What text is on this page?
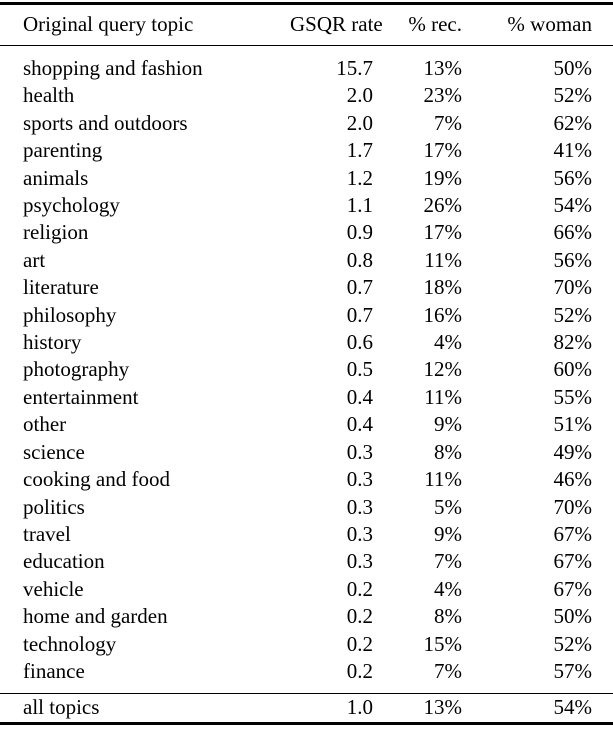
Original query topic	GSQR rate	% rec.	% woman
shopping and fashion	15.7	13%	50%
health	2.0	23%	52%
sports and outdoors	2.0	7%	62%
parenting	1.7	17%	41%
animals	1.2	19%	56%
psychology	1.1	26%	54%
religion	0.9	17%	66%
art	0.8	11%	56%
literature	0.7	18%	70%
philosophy	0.7	16%	52%
history	0.6	4%	82%
photography	0.5	12%	60%
entertainment	0.4	11%	55%
other	0.4	9%	51%
science	0.3	8%	49%
cooking and food	0.3	11%	46%
politics	0.3	5%	70%
travel	0.3	9%	67%
education	0.3	7%	67%
vehicle	0.2	4%	67%
home and garden	0.2	8%	50%
technology	0.2	15%	52%
finance	0.2	7%	57%
all topics	1.0	13%	54%
